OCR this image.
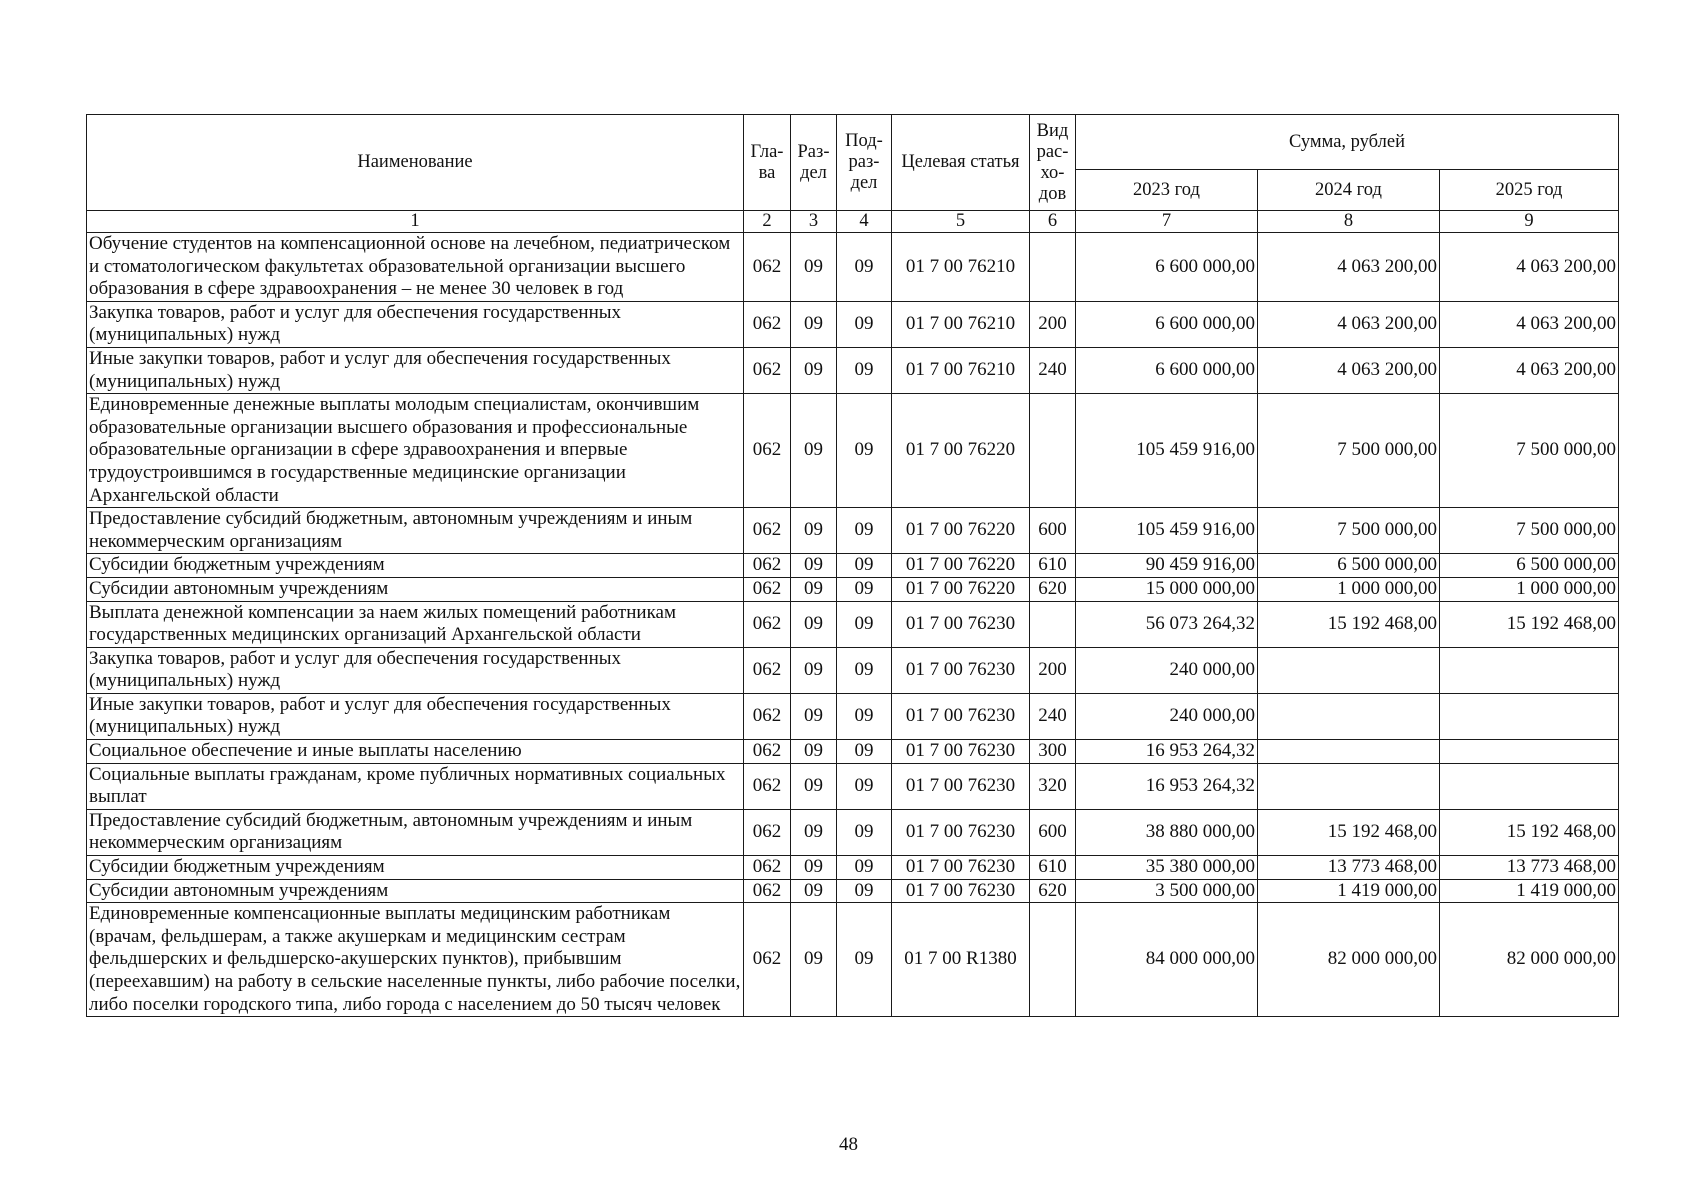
Наименование	Гла- ва	Раз- дел	Под- раз- дел	Целевая статья	Вид рас- хо- дов	Сумма, рублей		
						2023 год	2024 год	2025 год
1	2	3	4	5	6	7	8	9
Обучение студентов на компенсационной основе на лечебном, педиатрическом и стоматологическом факультетах образовательной организации высшего образования в сфере здравоохранения – не менее 30 человек в год	062	09	09	01 7 00 76210		6 600 000,00	4 063 200,00	4 063 200,00
Закупка товаров, работ и услуг для обеспечения государственных (муниципальных) нужд	062	09	09	01 7 00 76210	200	6 600 000,00	4 063 200,00	4 063 200,00
Иные закупки товаров, работ и услуг для обеспечения государственных (муниципальных) нужд	062	09	09	01 7 00 76210	240	6 600 000,00	4 063 200,00	4 063 200,00
Единовременные денежные выплаты молодым специалистам, окончившим образовательные организации высшего образования и профессиональные образовательные организации в сфере здравоохранения и впервые трудоустроившимся в государственные медицинские организации Архангельской области	062	09	09	01 7 00 76220		105 459 916,00	7 500 000,00	7 500 000,00
Предоставление субсидий бюджетным, автономным учреждениям и иным некоммерческим организациям	062	09	09	01 7 00 76220	600	105 459 916,00	7 500 000,00	7 500 000,00
Субсидии бюджетным учреждениям	062	09	09	01 7 00 76220	610	90 459 916,00	6 500 000,00	6 500 000,00
Субсидии автономным учреждениям	062	09	09	01 7 00 76220	620	15 000 000,00	1 000 000,00	1 000 000,00
Выплата денежной компенсации за наем жилых помещений работникам государственных медицинских организаций Архангельской области	062	09	09	01 7 00 76230		56 073 264,32	15 192 468,00	15 192 468,00
Закупка товаров, работ и услуг для обеспечения государственных (муниципальных) нужд	062	09	09	01 7 00 76230	200	240 000,00		
Иные закупки товаров, работ и услуг для обеспечения государственных (муниципальных) нужд	062	09	09	01 7 00 76230	240	240 000,00		
Социальное обеспечение и иные выплаты населению	062	09	09	01 7 00 76230	300	16 953 264,32		
Социальные выплаты гражданам, кроме публичных нормативных социальных выплат	062	09	09	01 7 00 76230	320	16 953 264,32		
Предоставление субсидий бюджетным, автономным учреждениям и иным некоммерческим организациям	062	09	09	01 7 00 76230	600	38 880 000,00	15 192 468,00	15 192 468,00
Субсидии бюджетным учреждениям	062	09	09	01 7 00 76230	610	35 380 000,00	13 773 468,00	13 773 468,00
Субсидии автономным учреждениям	062	09	09	01 7 00 76230	620	3 500 000,00	1 419 000,00	1 419 000,00
Единовременные компенсационные выплаты медицинским работникам (врачам, фельдшерам, а также акушеркам и медицинским сестрам фельдшерских и фельдшерско-акушерских пунктов), прибывшим (переехавшим) на работу в сельские населенные пункты, либо рабочие поселки, либо поселки городского типа, либо города с населением до 50 тысяч человек	062	09	09	01 7 00 R1380		84 000 000,00	82 000 000,00	82 000 000,00
48
